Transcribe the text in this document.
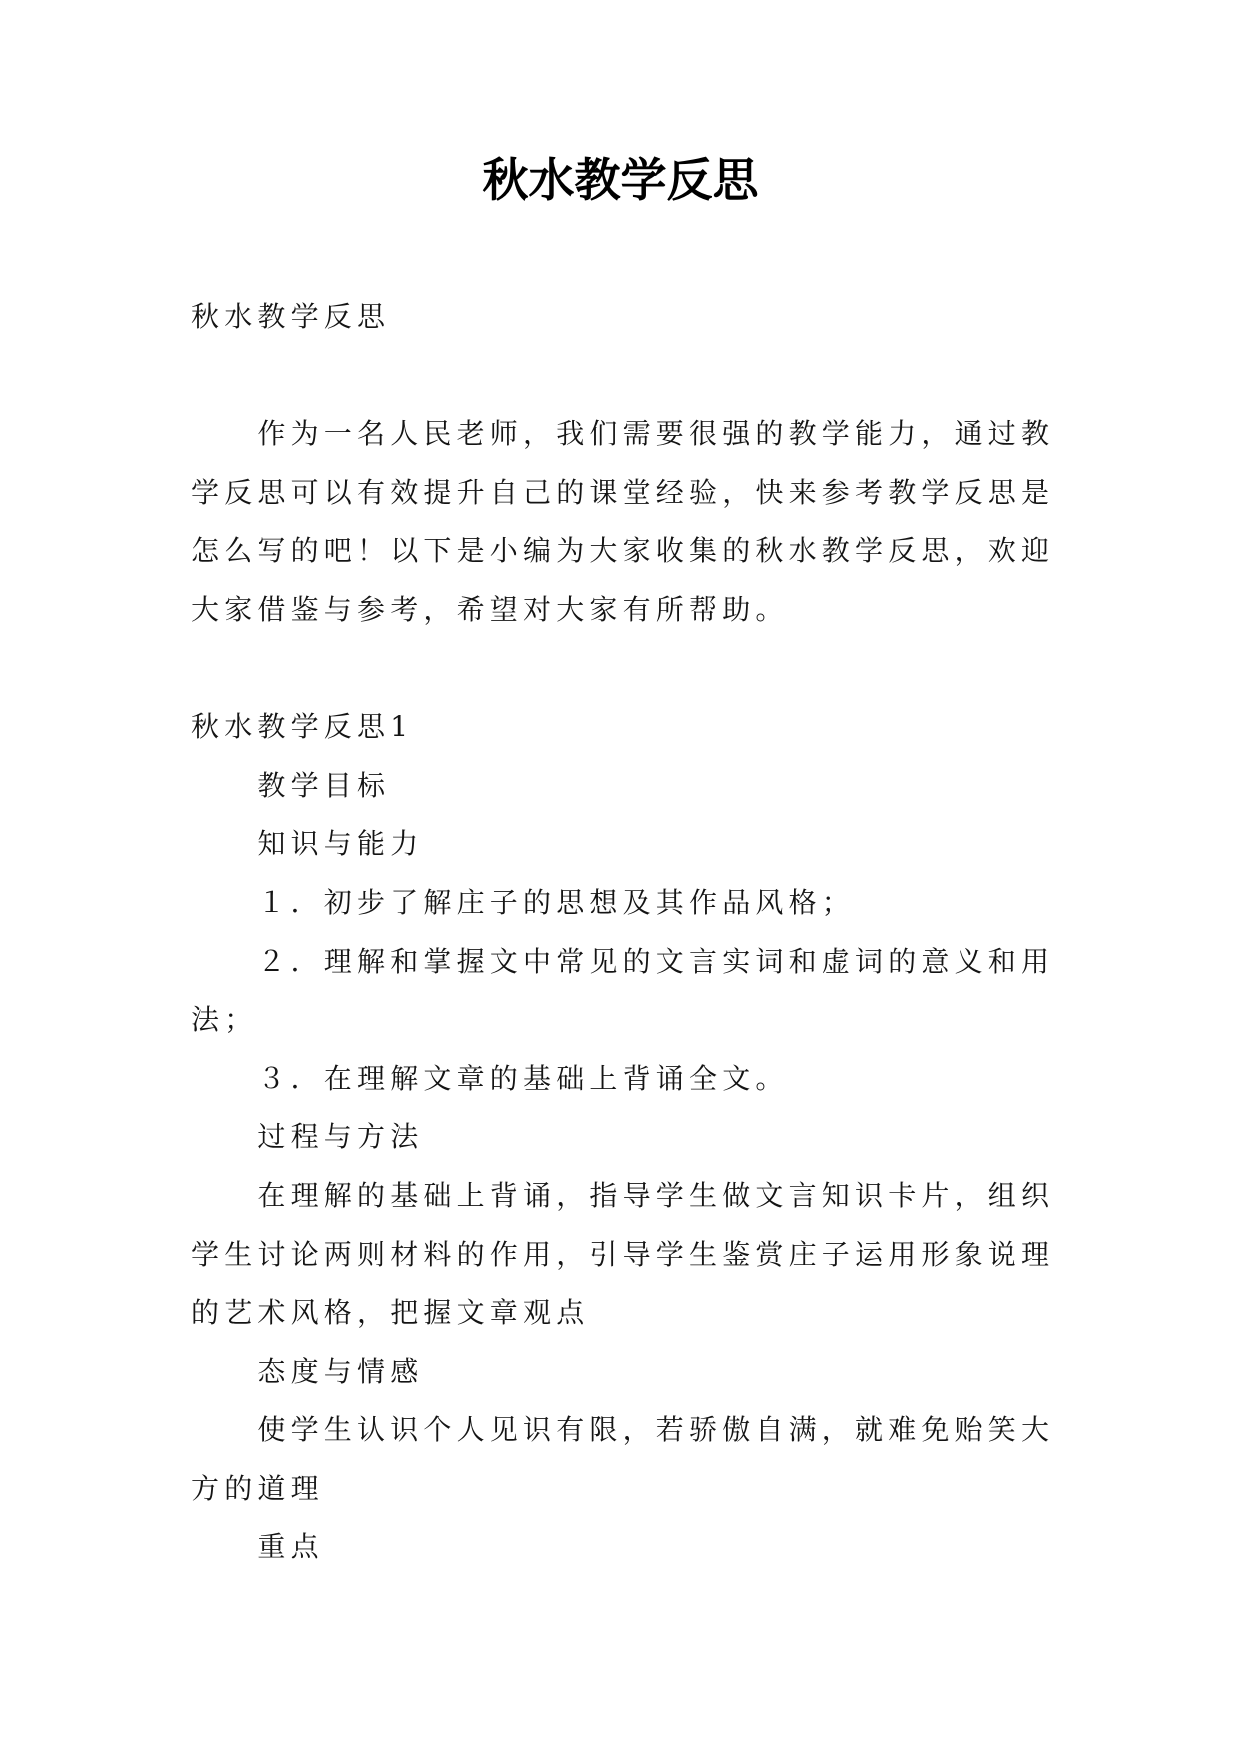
秋水教学反思
秋水教学反思
作为一名人民老师，我们需要很强的教学能力，通过教
学反思可以有效提升自己的课堂经验，快来参考教学反思是
怎么写的吧！以下是小编为大家收集的秋水教学反思，欢迎
大家借鉴与参考，希望对大家有所帮助。
秋水教学反思1
教学目标
知识与能力
１．初步了解庄子的思想及其作品风格；
２．理解和掌握文中常见的文言实词和虚词的意义和用
法；
３．在理解文章的基础上背诵全文。
过程与方法
在理解的基础上背诵，指导学生做文言知识卡片，组织
学生讨论两则材料的作用，引导学生鉴赏庄子运用形象说理
的艺术风格，把握文章观点
态度与情感
使学生认识个人见识有限，若骄傲自满，就难免贻笑大
方的道理
重点
